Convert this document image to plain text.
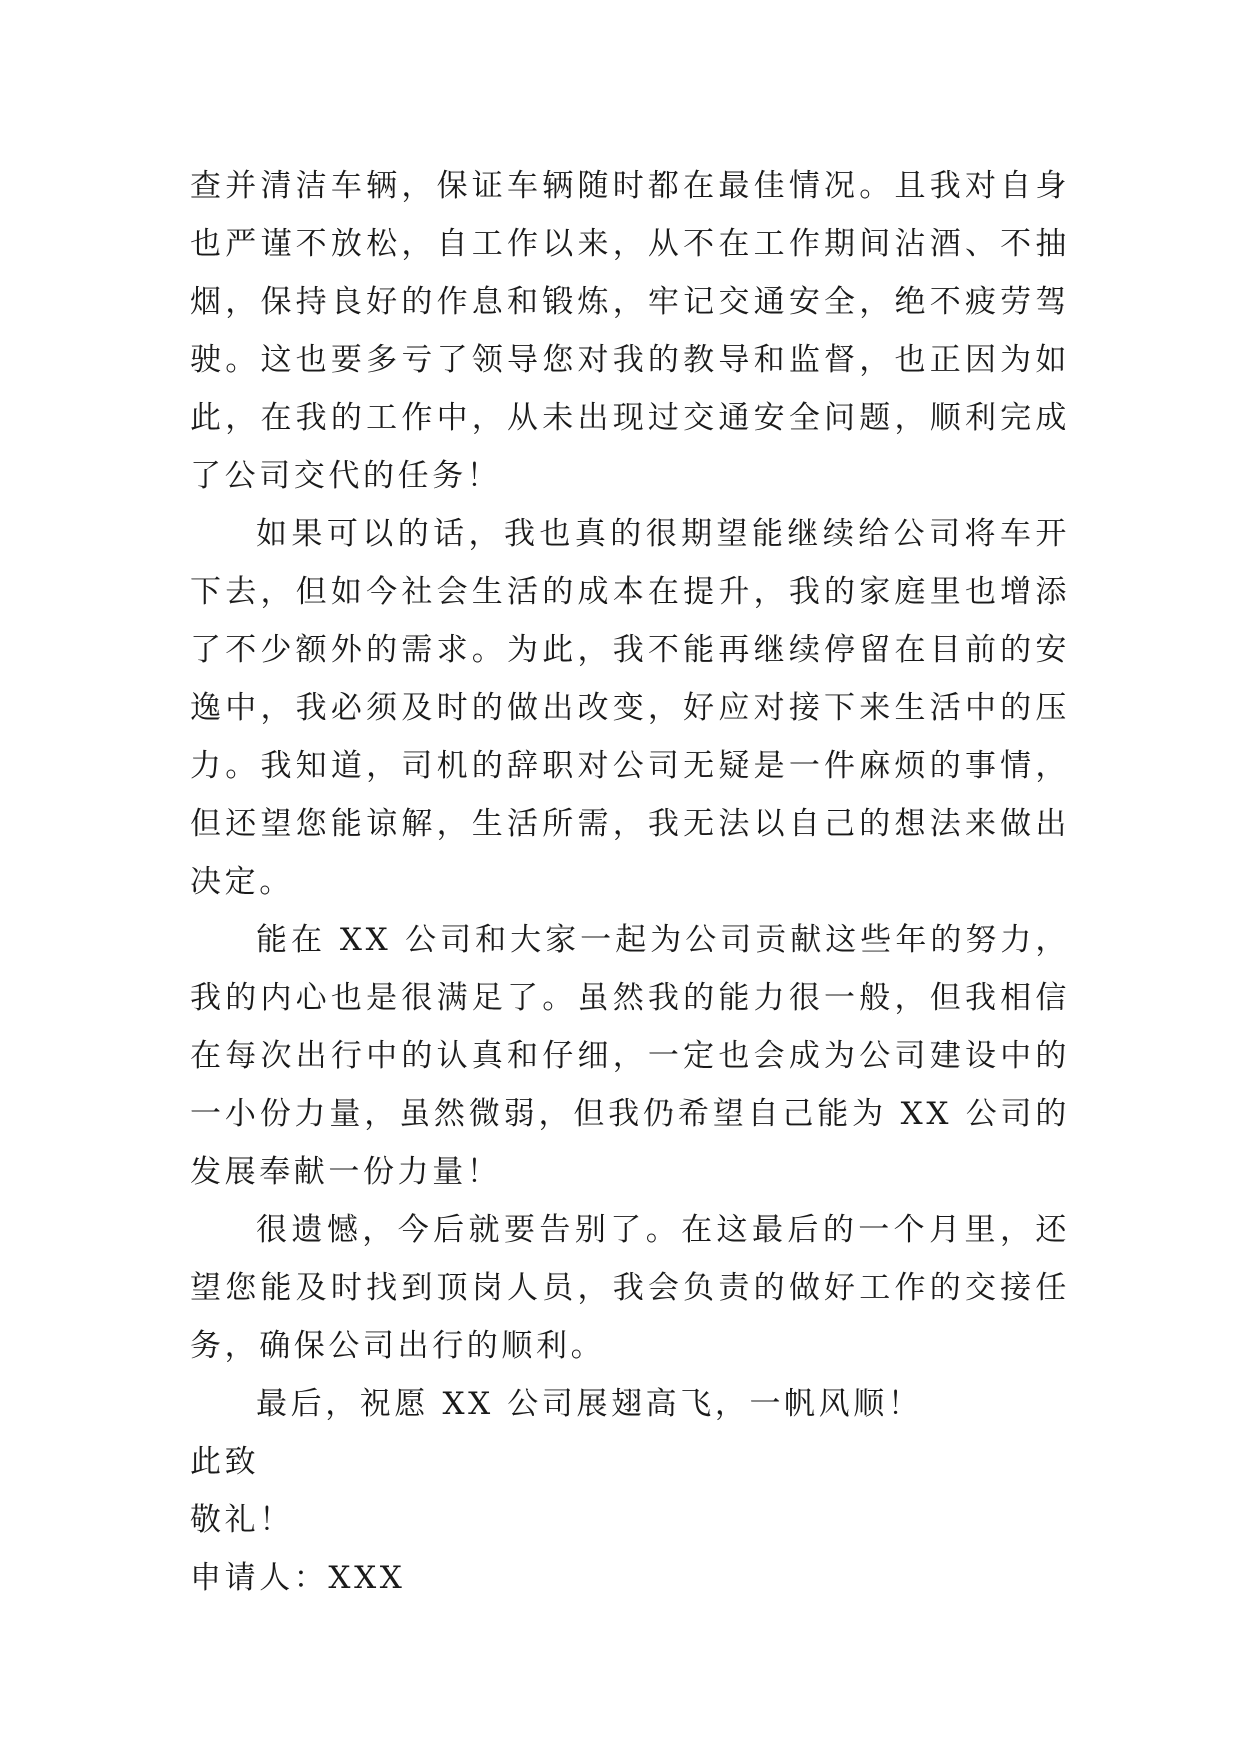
查并清洁车辆，保证车辆随时都在最佳情况。且我对自身也严谨不放松，自工作以来，从不在工作期间沾酒、不抽烟，保持良好的作息和锻炼，牢记交通安全，绝不疲劳驾驶。这也要多亏了领导您对我的教导和监督，也正因为如此，在我的工作中，从未出现过交通安全问题，顺利完成了公司交代的任务！

如果可以的话，我也真的很期望能继续给公司将车开下去，但如今社会生活的成本在提升，我的家庭里也增添了不少额外的需求。为此，我不能再继续停留在目前的安逸中，我必须及时的做出改变，好应对接下来生活中的压力。我知道，司机的辞职对公司无疑是一件麻烦的事情，但还望您能谅解，生活所需，我无法以自己的想法来做出决定。

能在 XX 公司和大家一起为公司贡献这些年的努力，我的内心也是很满足了。虽然我的能力很一般，但我相信在每次出行中的认真和仔细，一定也会成为公司建设中的一小份力量，虽然微弱，但我仍希望自己能为 XX 公司的发展奉献一份力量！

很遗憾，今后就要告别了。在这最后的一个月里，还望您能及时找到顶岗人员，我会负责的做好工作的交接任务，确保公司出行的顺利。

最后，祝愿 XX 公司展翅高飞，一帆风顺！

此致

敬礼！

申请人：XXX
